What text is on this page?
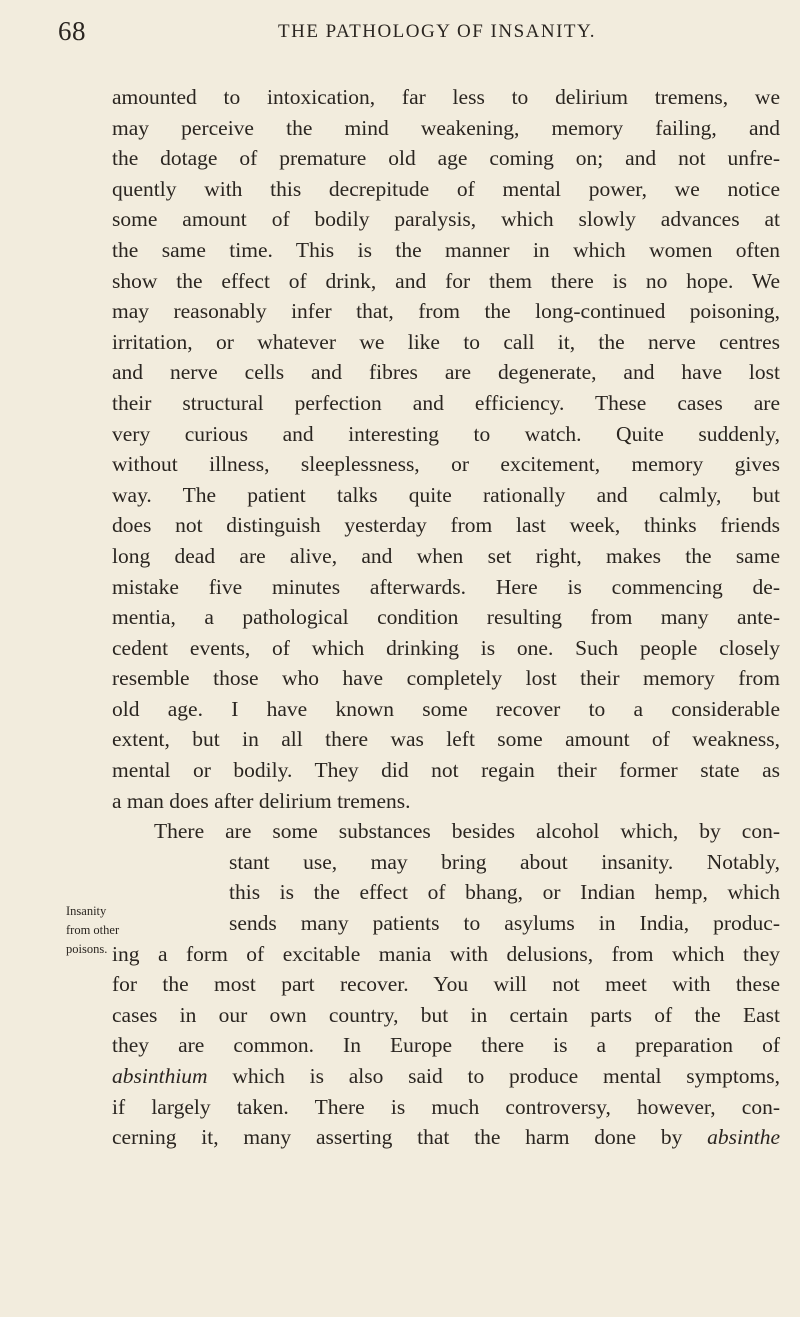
68	THE PATHOLOGY OF INSANITY.
Insanity
from other
poisons.
amounted to intoxication, far less to delirium tremens, we
may perceive the mind weakening, memory failing, and
the dotage of premature old age coming on; and not unfre-
quently with this decrepitude of mental power, we notice
some amount of bodily paralysis, which slowly advances at
the same time. This is the manner in which women often
show the effect of drink, and for them there is no hope. We
may reasonably infer that, from the long-continued poisoning,
irritation, or whatever we like to call it, the nerve centres
and nerve cells and fibres are degenerate, and have lost
their structural perfection and efficiency. These cases are
very curious and interesting to watch. Quite suddenly,
without illness, sleeplessness, or excitement, memory gives
way. The patient talks quite rationally and calmly, but
does not distinguish yesterday from last week, thinks friends
long dead are alive, and when set right, makes the same
mistake five minutes afterwards. Here is commencing de-
mentia, a pathological condition resulting from many ante-
cedent events, of which drinking is one. Such people closely
resemble those who have completely lost their memory from
old age. I have known some recover to a considerable
extent, but in all there was left some amount of weakness,
mental or bodily. They did not regain their former state as
a man does after delirium tremens.
There are some substances besides alcohol which, by con-
stant use, may bring about insanity. Notably,
this is the effect of bhang, or Indian hemp, which
sends many patients to asylums in India, produc-
ing a form of excitable mania with delusions, from which they
for the most part recover. You will not meet with these
cases in our own country, but in certain parts of the East
they are common. In Europe there is a preparation of
absinthium which is also said to produce mental symptoms,
if largely taken. There is much controversy, however, con-
cerning it, many asserting that the harm done by absinthe
